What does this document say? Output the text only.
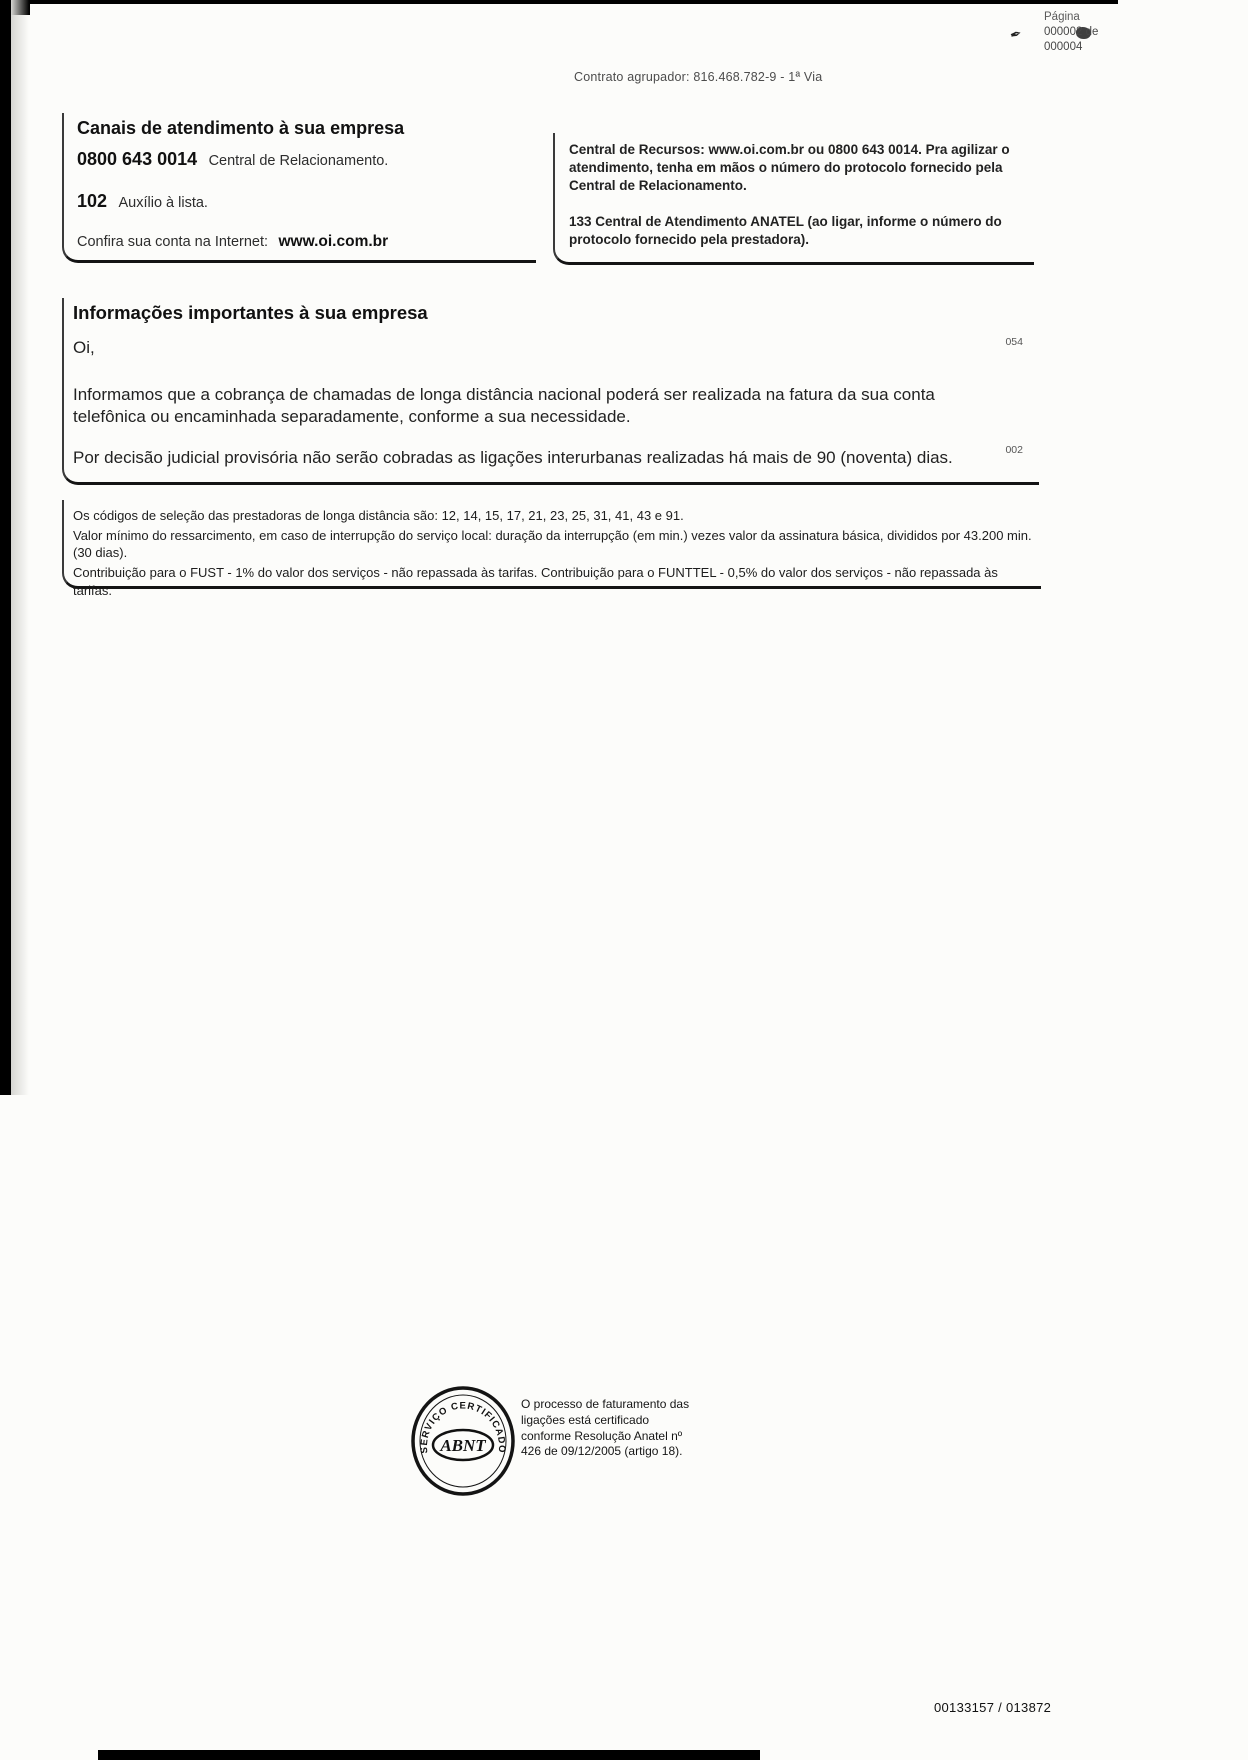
Contrato agrupador: 816.468.782-9 - 1ª Via
✒
Página
000002 de
000004
Canais de atendimento à sua empresa
0800 643 0014 Central de Relacionamento.
102 Auxílio à lista.
Confira sua conta na Internet: www.oi.com.br

Central de Recursos: www.oi.com.br ou 0800 643 0014. Pra agilizar o atendimento, tenha em mãos o número do protocolo fornecido pela Central de Relacionamento.

133 Central de Atendimento ANATEL (ao ligar, informe o número do protocolo fornecido pela prestadora).

Informações importantes à sua empresa
Oi,	054
Informamos que a cobrança de chamadas de longa distância nacional poderá ser realizada na fatura da sua conta telefônica ou encaminhada separadamente, conforme a sua necessidade.
002
Por decisão judicial provisória não serão cobradas as ligações interurbanas realizadas há mais de 90 (noventa) dias.
Os códigos de seleção das prestadoras de longa distância são: 12, 14, 15, 17, 21, 23, 25, 31, 41, 43 e 91.
Valor mínimo do ressarcimento, em caso de interrupção do serviço local: duração da interrupção (em min.) vezes valor da assinatura básica, divididos por 43.200 min.(30 dias).
Contribuição para o FUST - 1% do valor dos serviços - não repassada às tarifas. Contribuição para o FUNTTEL - 0,5% do valor dos serviços - não repassada às tarifas.
SERVIÇO CERTIFICADO
ABNT
O processo de faturamento das ligações está certificado conforme Resolução Anatel nº 426 de 09/12/2005 (artigo 18).
00133157 / 013872
